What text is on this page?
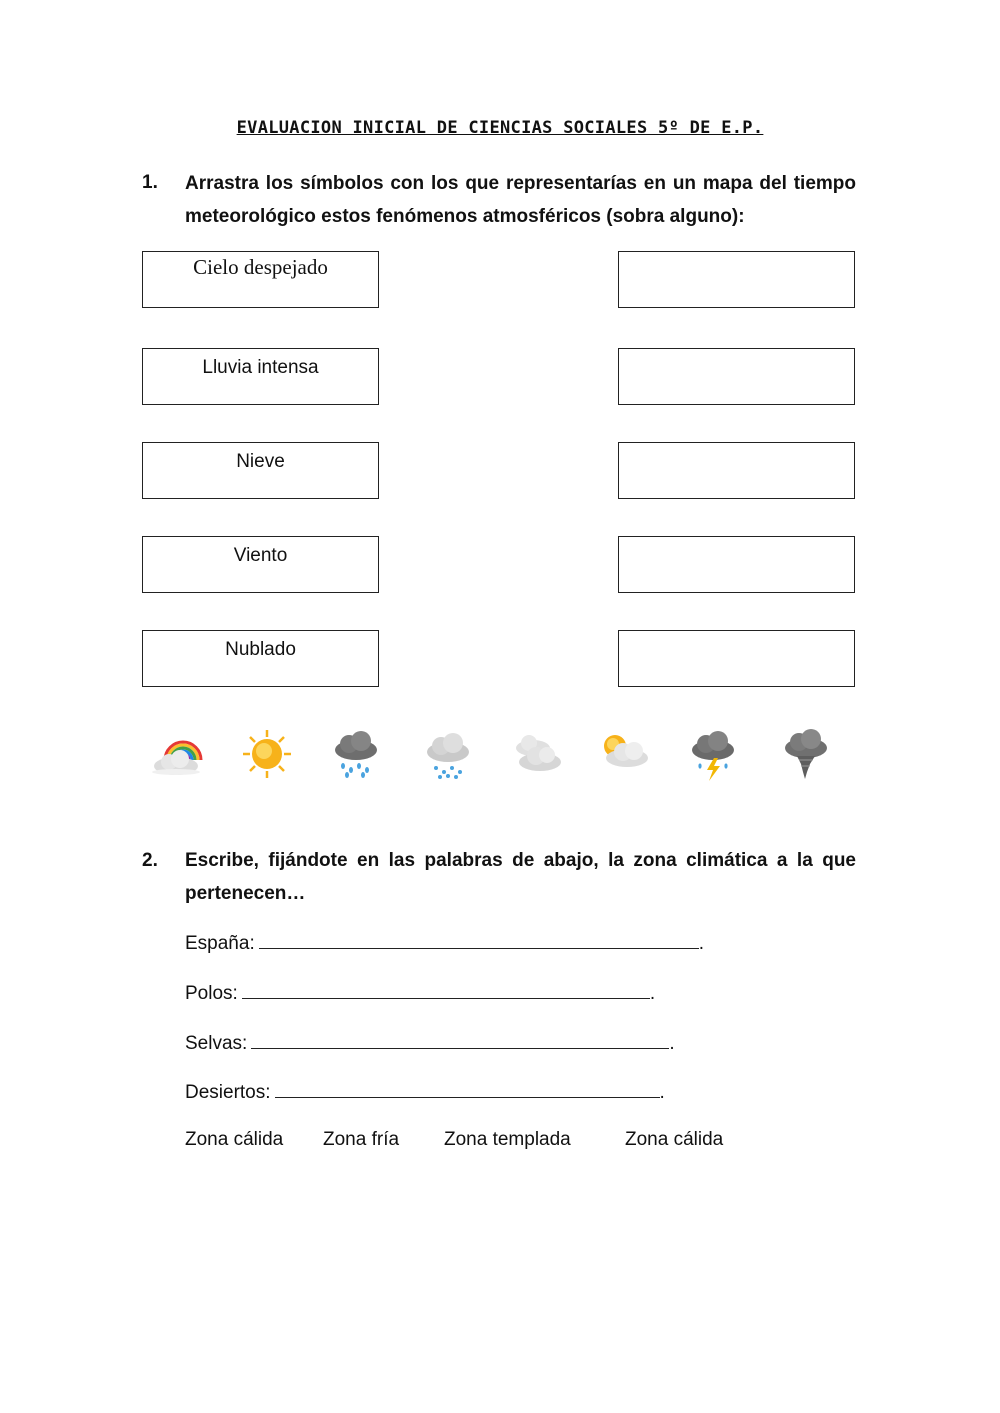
EVALUACION INICIAL DE CIENCIAS SOCIALES 5º DE E.P.
1. Arrastra los símbolos con los que representarías en un mapa del tiempo meteorológico estos fenómenos atmosféricos (sobra alguno):
Cielo despejado
Lluvia intensa
Nieve
Viento
Nublado
2. Escribe, fijándote en las palabras de abajo, la zona climática a la que pertenecen…
España:	.
Polos:	.
Selvas:	.
Desiertos:	.
Zona cálida Zona fría Zona templada	Zona cálida
